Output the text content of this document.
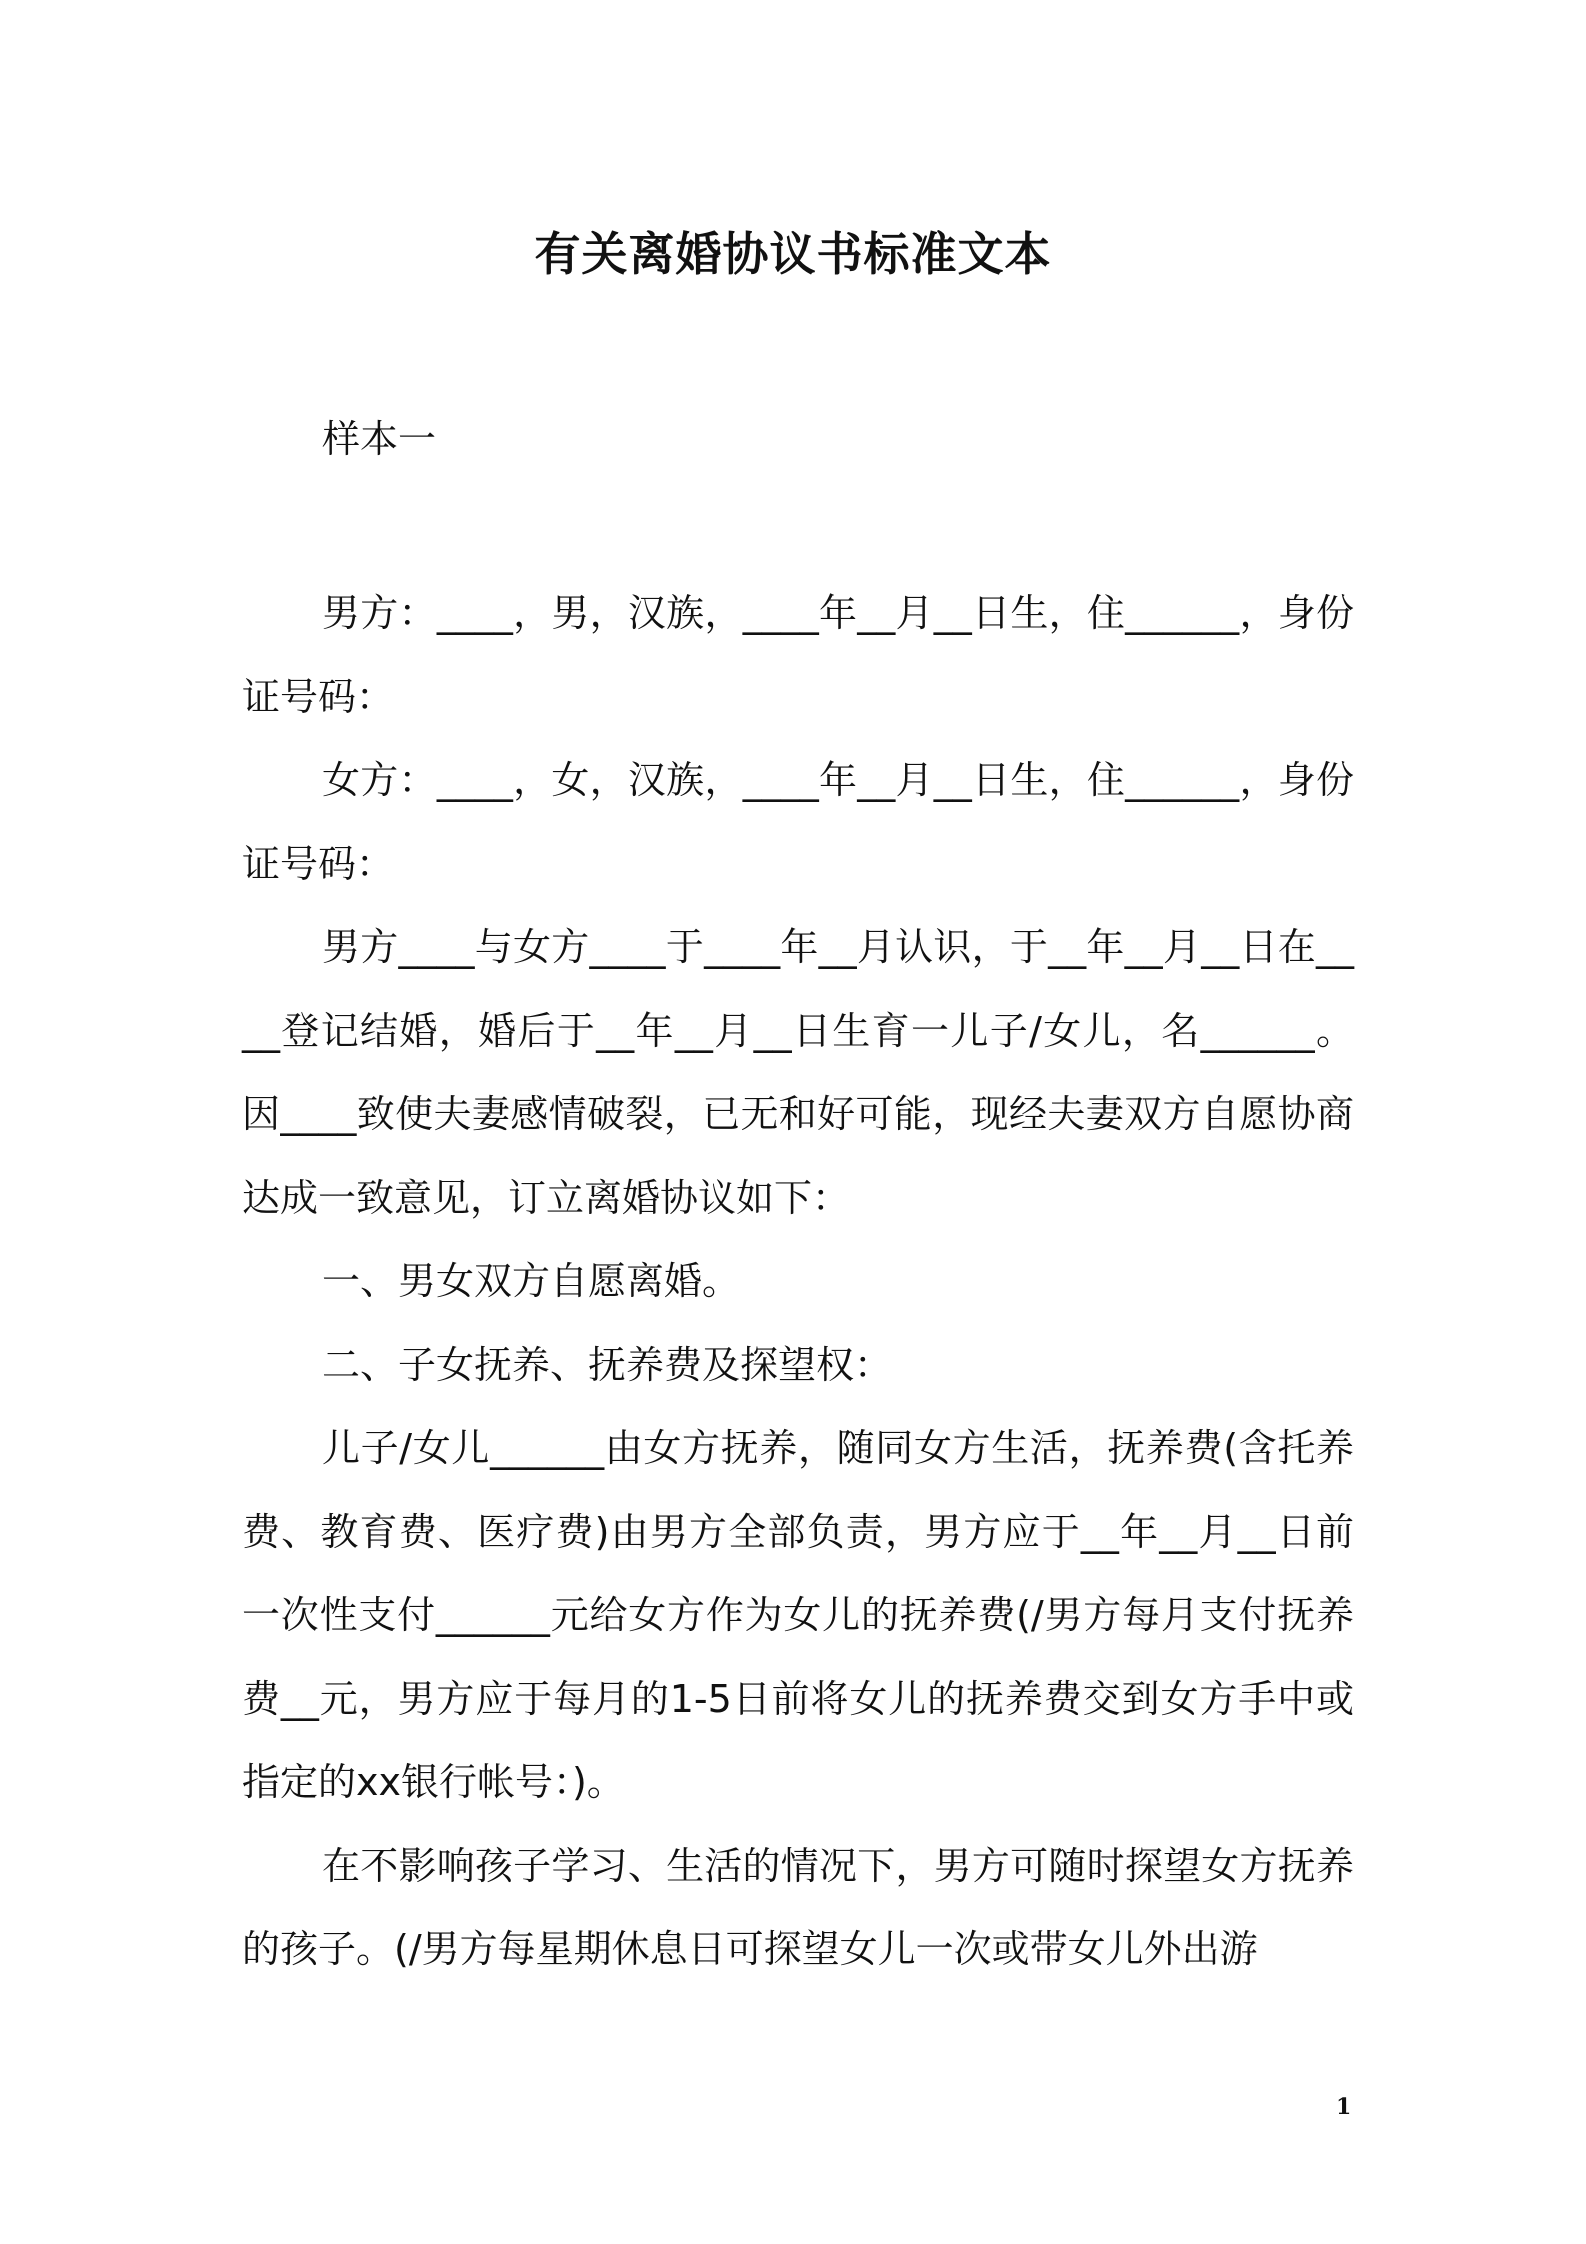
有关离婚协议书标准文本

样本一

男方：____，男，汉族，____年__月__日生，住______，身份证号码：

女方：____，女，汉族，____年__月__日生，住______，身份证号码：

男方____与女方____于____年__月认识，于__年__月__日在____登记结婚，婚后于__年__月__日生育一儿子/女儿，名______。因____致使夫妻感情破裂，已无和好可能，现经夫妻双方自愿协商达成一致意见，订立离婚协议如下：

一、男女双方自愿离婚。

二、子女抚养、抚养费及探望权：

儿子/女儿______由女方抚养，随同女方生活，抚养费(含托养费、教育费、医疗费)由男方全部负责，男方应于__年__月__日前一次性支付______元给女方作为女儿的抚养费(/男方每月支付抚养费__元，男方应于每月的1-5日前将女儿的抚养费交到女方手中或指定的xx银行帐号：)。

在不影响孩子学习、生活的情况下，男方可随时探望女方抚养的孩子。(/男方每星期休息日可探望女儿一次或带女儿外出游

1
